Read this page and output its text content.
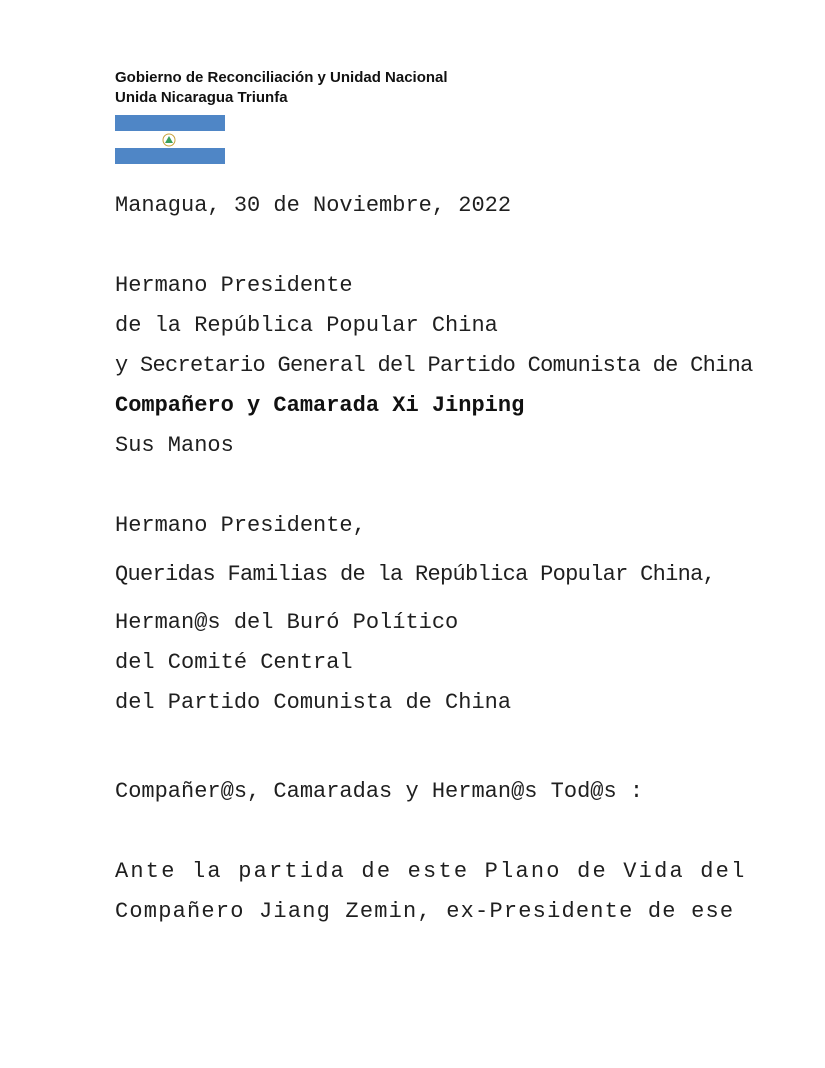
Gobierno de Reconciliación y Unidad Nacional
Unida Nicaragua Triunfa
Managua, 30 de Noviembre, 2022
Hermano Presidente
de la República Popular China
y Secretario General del Partido Comunista de China
Compañero y Camarada Xi Jinping
Sus Manos
Hermano Presidente,
Queridas Familias de la República Popular China,
Herman@s del Buró Político
del Comité Central
del Partido Comunista de China
Compañer@s, Camaradas y Herman@s Tod@s :
Ante la partida de este Plano de Vida del
Compañero Jiang Zemin, ex-Presidente de ese
